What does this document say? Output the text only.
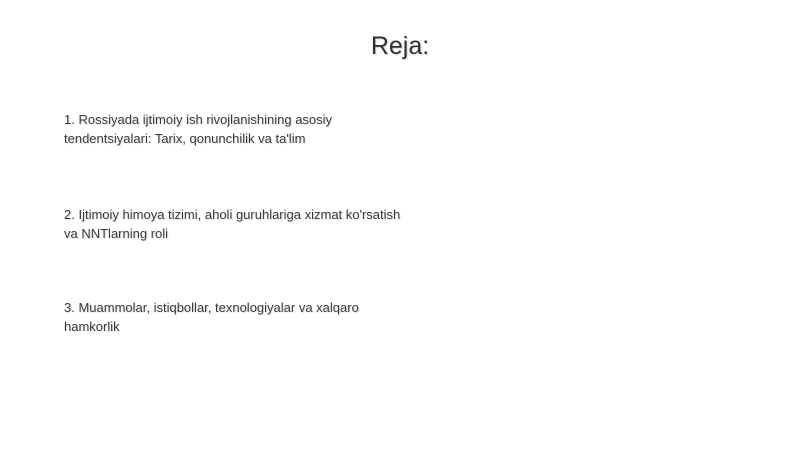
Reja:
1. Rossiyada ijtimoiy ish rivojlanishining asosiy tendentsiyalari: Tarix, qonunchilik va ta'lim
2. Ijtimoiy himoya tizimi, aholi guruhlariga xizmat ko'rsatish va NNTlarning roli
3. Muammolar, istiqbollar, texnologiyalar va xalqaro hamkorlik
